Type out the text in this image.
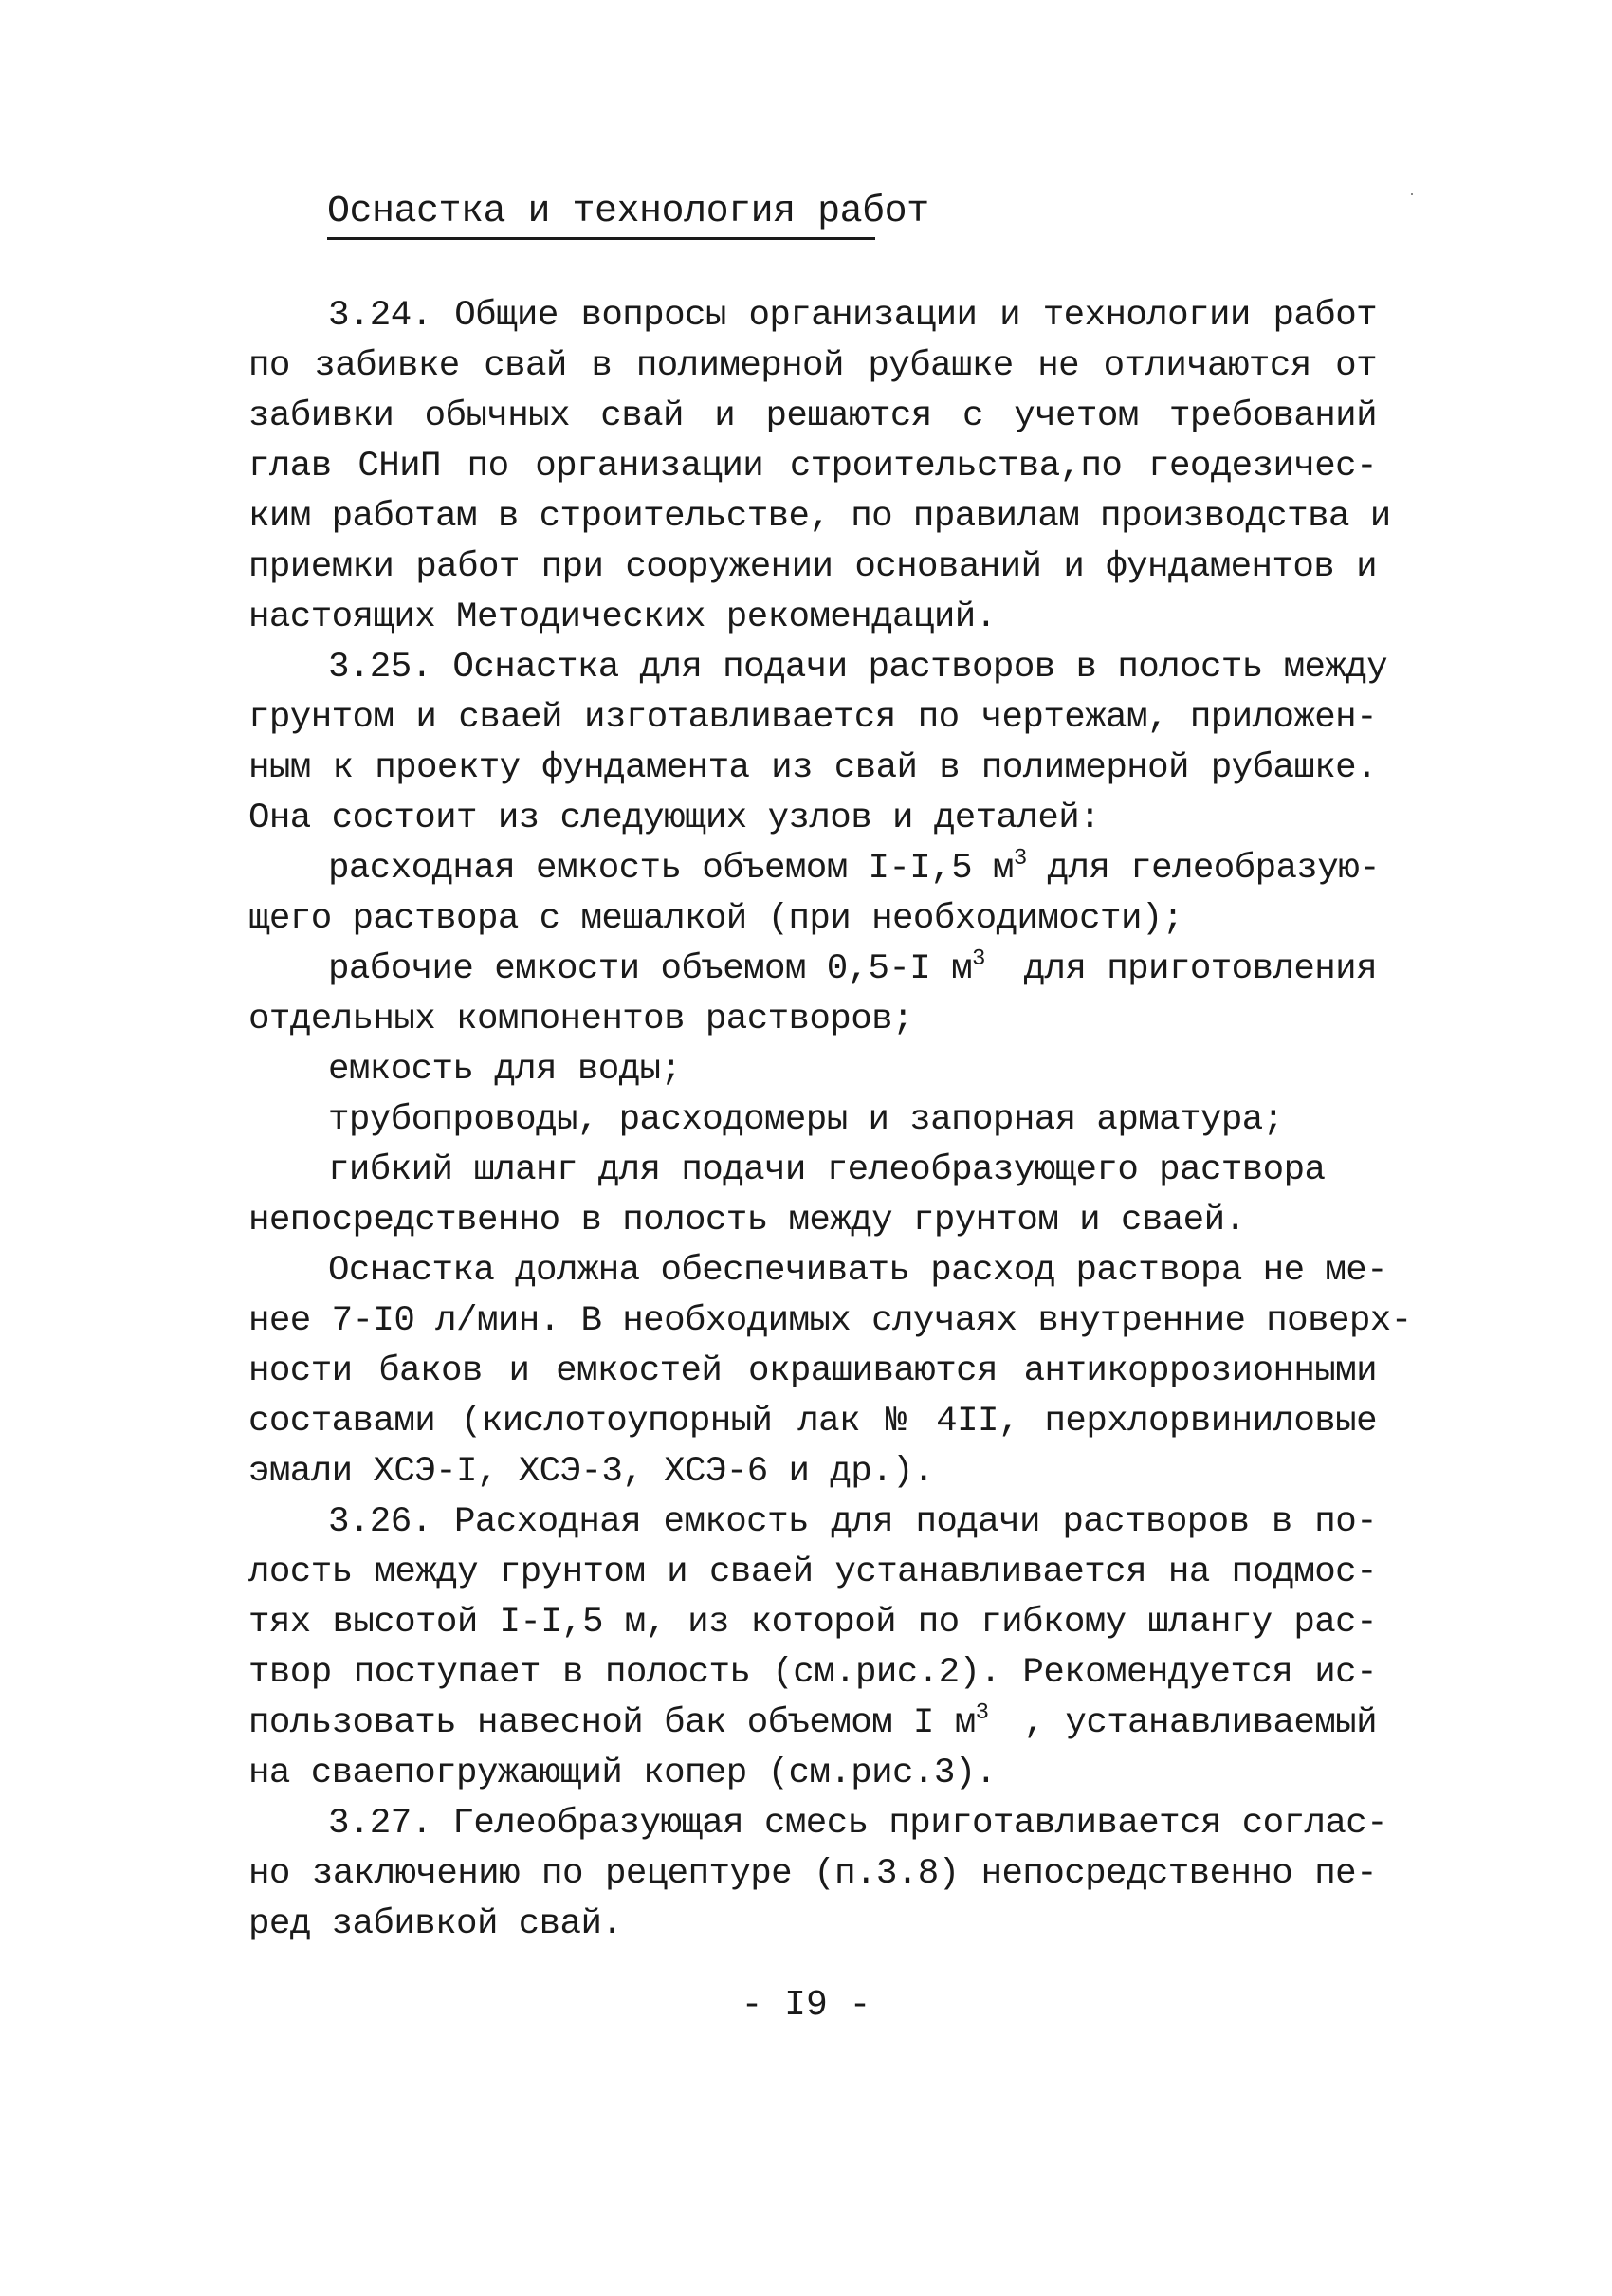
Оснастка и технология работ
3.24. Общие вопросы организации и технологии работ
по забивке свай в полимерной рубашке не отличаются от
забивки обычных свай и решаются с учетом требований
глав СНиП по организации строительства,по геодезичес-
ким работам в строительстве, по правилам производства и
приемки работ при сооружении оснований и фундаментов и
настоящих Методических рекомендаций.
3.25. Оснастка для подачи растворов в полость между
грунтом и сваей изготавливается по чертежам, приложен-
ным к проекту фундамента из свай в полимерной рубашке.
Она состоит из следующих узлов и деталей:
расходная емкость объемом I-I,5 $м^3$ для гелеобразую-
щего раствора с мешалкой (при необходимости);
рабочие емкости объемом 0,5-I $м^3$ для приготовления
отдельных компонентов растворов;
емкость для воды;
трубопроводы, расходомеры и запорная арматура;
гибкий шланг для подачи гелеобразующего раствора
непосредственно в полость между грунтом и сваей.
Оснастка должна обеспечивать расход раствора не ме-
нее 7-I0 л/мин. В необходимых случаях внутренние поверх-
ности баков и емкостей окрашиваются антикоррозионными
составами (кислотоупорный лак № 4II, перхлорвиниловые
эмали ХСЭ-I, ХСЭ-3, ХСЭ-6 и др.).
3.26. Расходная емкость для подачи растворов в по-
лость между грунтом и сваей устанавливается на подмос-
тях высотой I-I,5 м, из которой по гибкому шлангу рас-
твор поступает в полость (см.рис.2). Рекомендуется ис-
пользовать навесной бак объемом I $м^3$ , устанавливаемый
на сваепогружающий копер (см.рис.3).
3.27. Гелеобразующая смесь приготавливается соглас-
но заключению по рецептуре (п.3.8) непосредственно пе-
ред забивкой свай.
- I9 -
